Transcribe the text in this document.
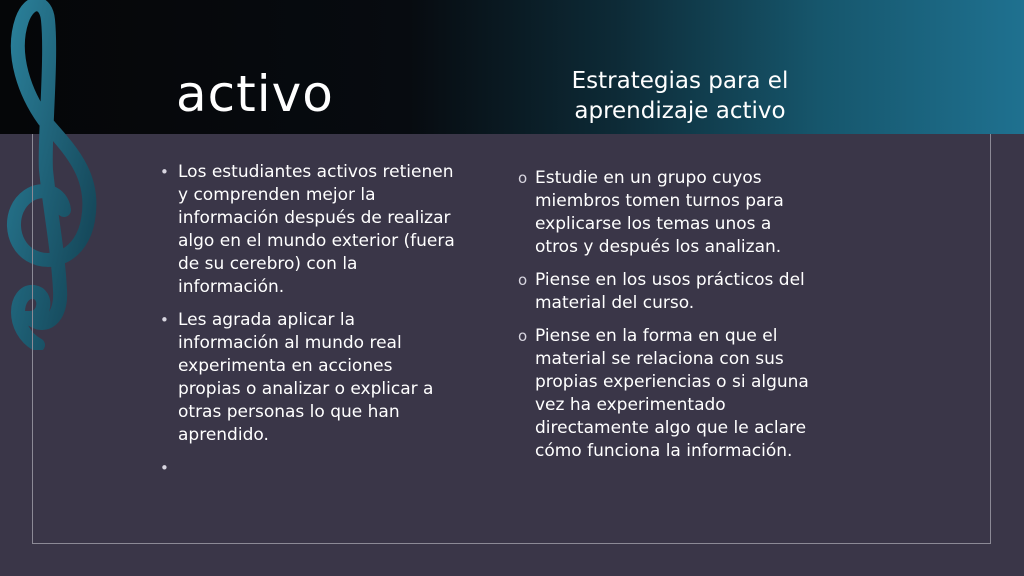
activo	Estrategias para el aprendizaje activo
• Los estudiantes activos retienen y comprenden mejor la información después de realizar algo en el mundo exterior (fuera de su cerebro) con la información.
• Les agrada aplicar la información al mundo real experimenta en acciones propias o analizar o explicar a otras personas lo que han aprendido.
•
o Estudie en un grupo cuyos miembros tomen turnos para explicarse los temas unos a otros y después los analizan.
o Piense en los usos prácticos del material del curso.
o Piense en la forma en que el material se relaciona con sus propias experiencias o si alguna vez ha experimentado directamente algo que le aclare cómo funciona la información.
